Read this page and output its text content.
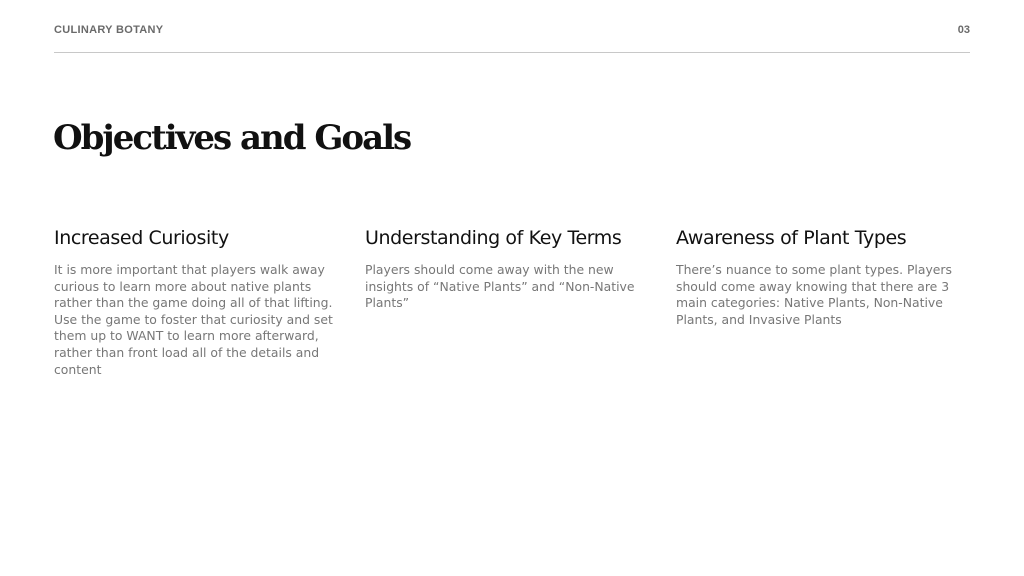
CULINARY BOTANY	03
Objectives and Goals
Increased Curiosity

It is more important that players walk away curious to learn more about native plants rather than the game doing all of that lifting. Use the game to foster that curiosity and set them up to WANT to learn more afterward, rather than front load all of the details and content

Understanding of Key Terms

Players should come away with the new insights of “Native Plants” and “Non-Native Plants”

Awareness of Plant Types

There’s nuance to some plant types. Players should come away knowing that there are 3 main categories: Native Plants, Non-Native Plants, and Invasive Plants
